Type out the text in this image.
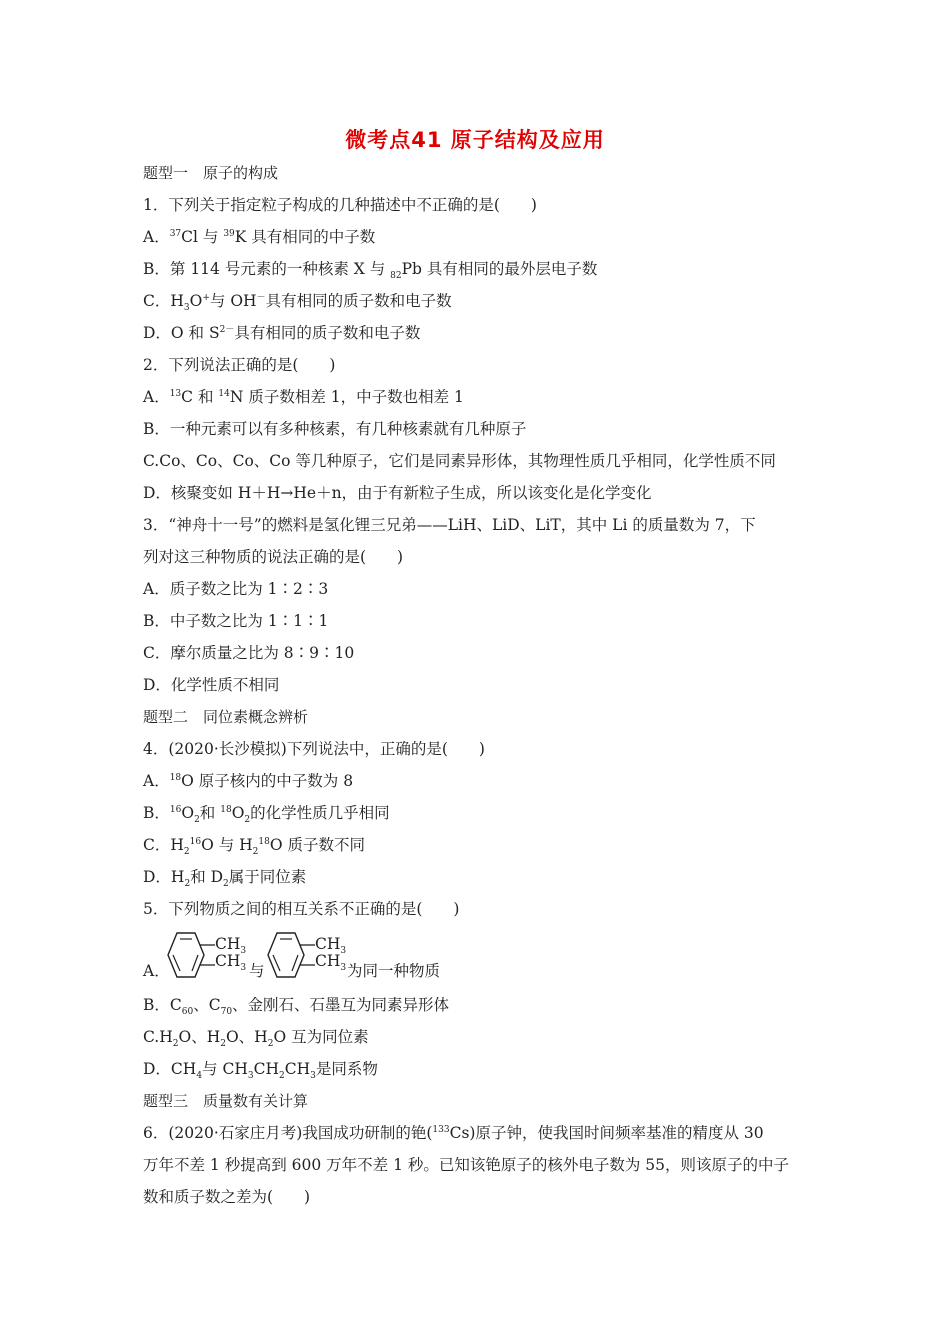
微考点41 原子结构及应用
题型一　原子的构成
1．下列关于指定粒子构成的几种描述中不正确的是(　　)
A．$^{37}$Cl 与 $^{39}$K 具有相同的中子数
B．第 114 号元素的一种核素 X 与 $_{82}$Pb 具有相同的最外层电子数
C．$H_3O^+$与 OH－具有相同的质子数和电子数
D．O 和 $S^{2-}$具有相同的质子数和电子数
2．下列说法正确的是(　　)
A．$^{13}$C 和 $^{14}$N 质子数相差 1，中子数也相差 1
B．一种元素可以有多种核素，有几种核素就有几种原子
C.Co、Co、Co、Co 等几种原子，它们是同素异形体，其物理性质几乎相同，化学性质不同
D．核聚变如 H＋H→He＋n，由于有新粒子生成，所以该变化是化学变化
3．“神舟十一号”的燃料是氢化锂三兄弟——LiH、LiD、LiT，其中 Li 的质量数为 7，下
列对这三种物质的说法正确的是(　　)
A．质子数之比为 1∶2∶3
B．中子数之比为 1∶1∶1
C．摩尔质量之比为 8∶9∶10
D．化学性质不相同
题型二　同位素概念辨析
4．(2020·长沙模拟)下列说法中，正确的是(　　)
A．$^{18}$O 原子核内的中子数为 8
B．$^{16}O_2$和 $^{18}O_2$的化学性质几乎相同
C．$H_2^{16}O$ 与 $H_2^{18}O$ 质子数不同
D．$H_2$和 $D_2$属于同位素
5．下列物质之间的相互关系不正确的是(　　)
A．
$CH_3$
$CH_3$ 与
$CH_3$
$CH_3$ 为同一种物质
B．$C_{60}$、$C_{70}$、金刚石、石墨互为同素异形体
$C.H_2O$、$H_2O$、$H_2O$ 互为同位素
D．$CH_4$与 $CH_3CH_2CH_3$是同系物
题型三　质量数有关计算
6．(2020·石家庄月考)我国成功研制的铯($^{133}$Cs)原子钟，使我国时间频率基准的精度从 30
万年不差 1 秒提高到 600 万年不差 1 秒。已知该铯原子的核外电子数为 55，则该原子的中子
数和质子数之差为(　　)
